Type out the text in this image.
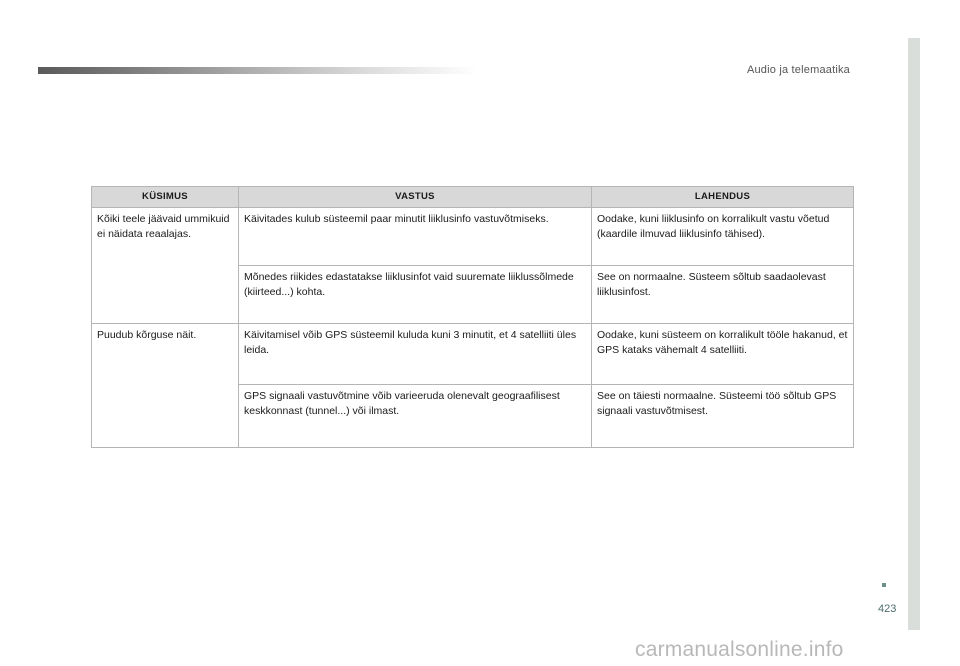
Audio ja telemaatika
KÜSIMUS	VASTUS	LAHENDUS
Kõiki teele jäävaid ummikuid ei näidata reaalajas.	Käivitades kulub süsteemil paar minutit liiklusinfo vastuvõtmiseks.	Oodake, kuni liiklusinfo on korralikult vastu võetud (kaardile ilmuvad liiklusinfo tähised).
	Mõnedes riikides edastatakse liiklusinfot vaid suuremate liiklussõlmede (kiirteed...) kohta.	See on normaalne. Süsteem sõltub saadaolevast liiklusinfost.
Puudub kõrguse näit.	Käivitamisel võib GPS süsteemil kuluda kuni 3 minutit, et 4 satelliiti üles leida.	Oodake, kuni süsteem on korralikult tööle hakanud, et GPS kataks vähemalt 4 satelliiti.
	GPS signaali vastuvõtmine võib varieeruda olenevalt geograafilisest keskkonnast (tunnel...) või ilmast.	See on täiesti normaalne. Süsteemi töö sõltub GPS signaali vastuvõtmisest.
423
carmanualsonline.info
